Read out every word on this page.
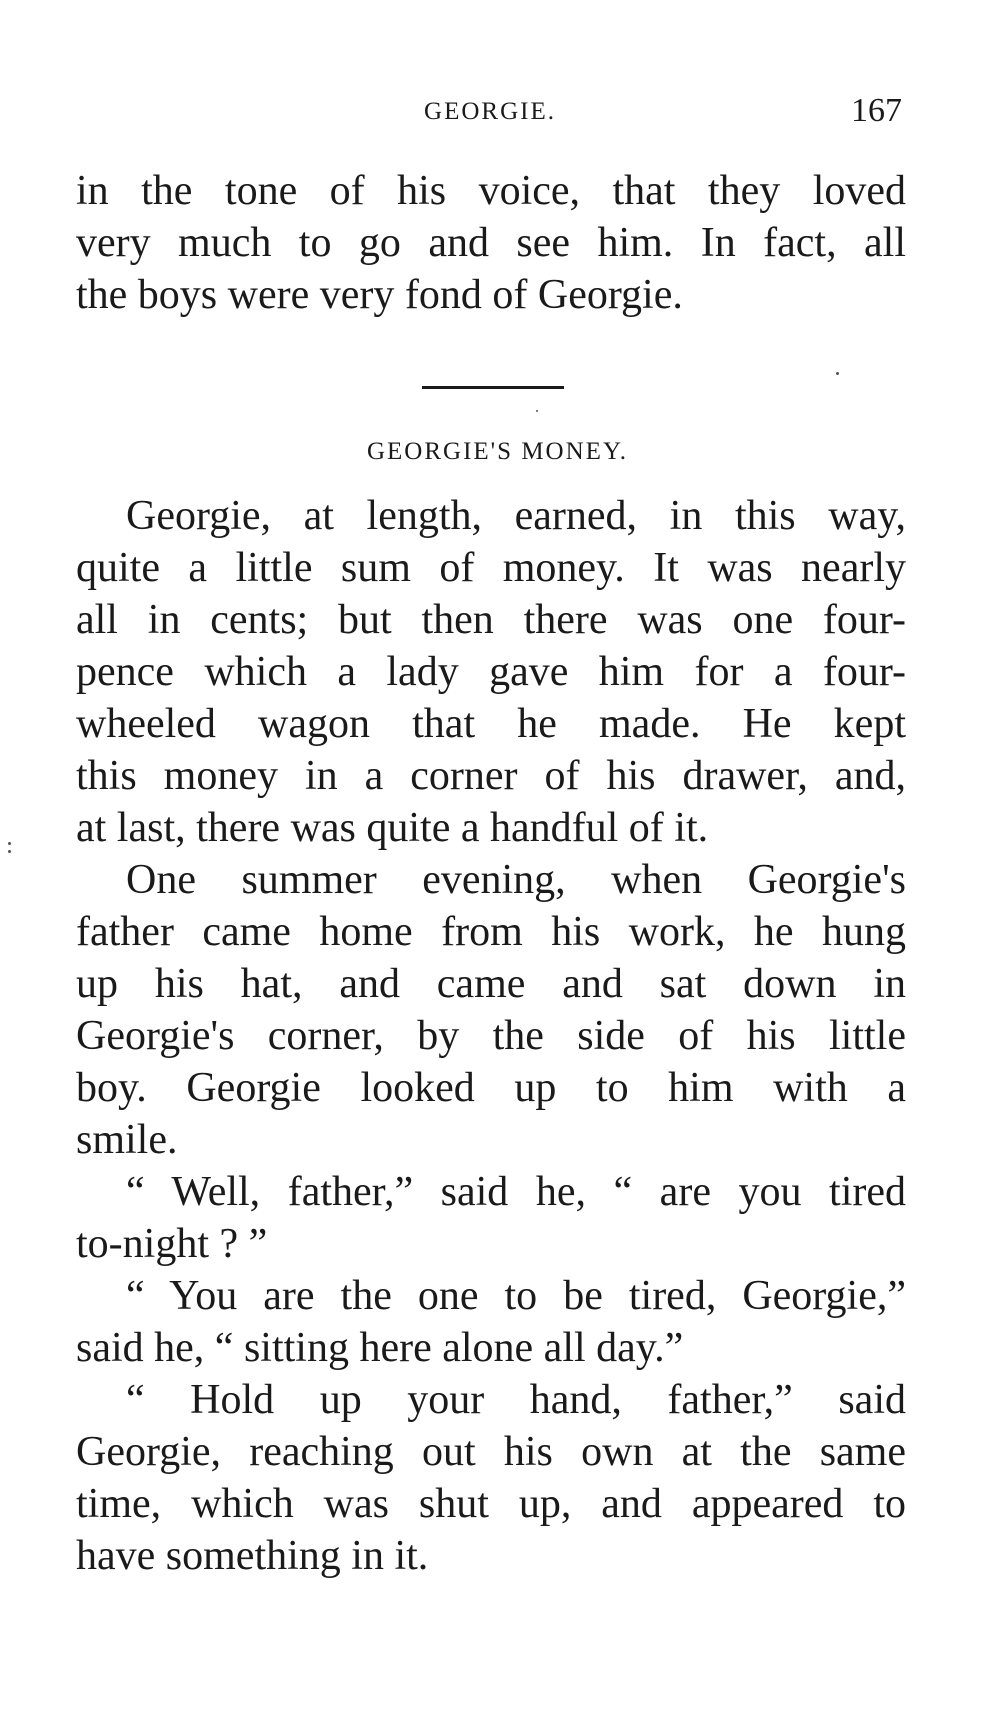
GEORGIE.	167
in the tone of his voice, that they loved
very much to go and see him. In fact, all
the boys were very fond of Georgie.
GEORGIE'S MONEY.
Georgie, at length, earned, in this way,
quite a little sum of money. It was nearly
all in cents; but then there was one four-
pence which a lady gave him for a four-
wheeled wagon that he made. He kept
this money in a corner of his drawer, and,
at last, there was quite a handful of it.
One summer evening, when Georgie's
father came home from his work, he hung
up his hat, and came and sat down in
Georgie's corner, by the side of his little
boy. Georgie looked up to him with a
smile.
“ Well, father,” said he, “ are you tired
to-night ? ”
“ You are the one to be tired, Georgie,”
said he, “ sitting here alone all day.”
“ Hold up your hand, father,” said
Georgie, reaching out his own at the same
time, which was shut up, and appeared to
have something in it.
